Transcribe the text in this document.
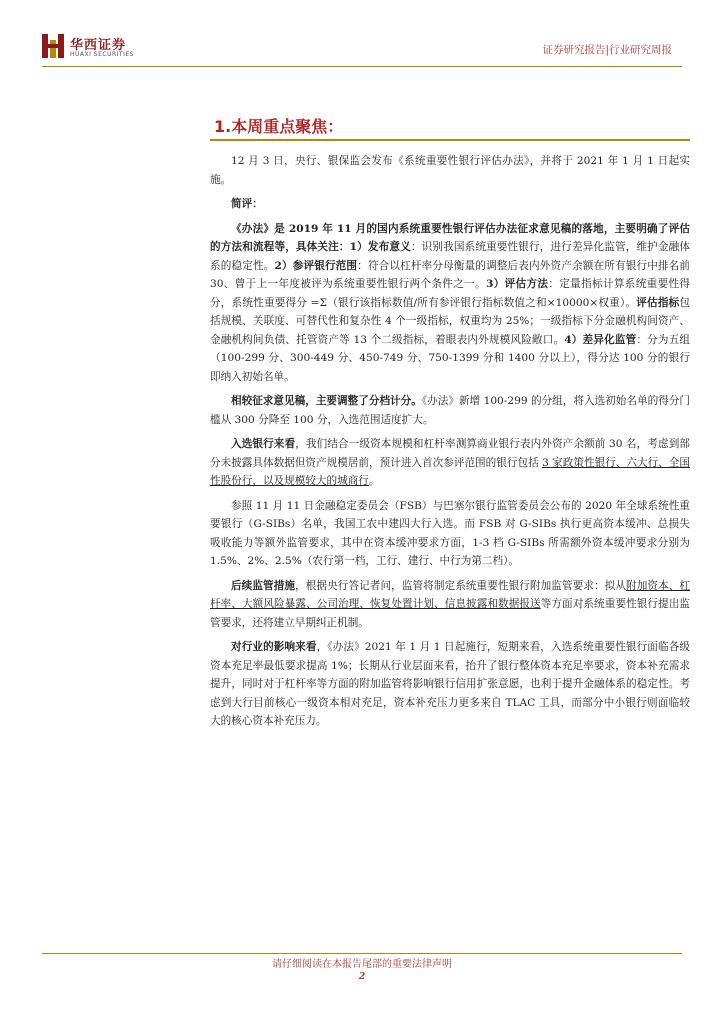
华西证券
HUAXI SECURITIES	证券研究报告|行业研究周报
1.本周重点聚焦：

12 月 3 日，央行、银保监会发布《系统重要性银行评估办法》，并将于 2021 年 1 月 1 日起实施。

简评：

《办法》是 2019 年 11 月的国内系统重要性银行评估办法征求意见稿的落地，主要明确了评估的方法和流程等，具体关注：1）发布意义：识别我国系统重要性银行，进行差异化监管，维护金融体系的稳定性。2）参评银行范围：符合以杠杆率分母衡量的调整后表内外资产余额在所有银行中排名前 30、曾于上一年度被评为系统重要性银行两个条件之一。3）评估方法：定量指标计算系统重要性得分，系统性重要得分 =Σ（银行该指标数值/所有参评银行指标数值之和×10000×权重）。评估指标包括规模、关联度、可替代性和复杂性 4 个一级指标，权重均为 25%；一级指标下分金融机构间资产、金融机构间负债、托管资产等 13 个二级指标，着眼表内外规模风险敞口。4）差异化监管：分为五组（100-299 分、300-449 分、450-749 分、750-1399 分和 1400 分以上），得分达 100 分的银行即纳入初始名单。

相较征求意见稿，主要调整了分档计分。《办法》新增 100-299 的分组，将入选初始名单的得分门槛从 300 分降至 100 分，入选范围适度扩大。

入选银行来看，我们结合一级资本规模和杠杆率测算商业银行表内外资产余额前 30 名，考虑到部分未披露具体数据但资产规模居前，预计进入首次参评范围的银行包括 3 家政策性银行、六大行、全国性股份行，以及规模较大的城商行。

参照 11 月 11 日金融稳定委员会（FSB）与巴塞尔银行监管委员会公布的 2020 年全球系统性重要银行（G-SIBs）名单，我国工农中建四大行入选。而 FSB 对 G-SIBs 执行更高资本缓冲、总损失吸收能力等额外监管要求，其中在资本缓冲要求方面，1-3 档 G-SIBs 所需额外资本缓冲要求分别为 1.5%、2%、2.5%（农行第一档，工行、建行、中行为第二档）。

后续监管措施，根据央行答记者问，监管将制定系统重要性银行附加监管要求：拟从附加资本、杠杆率、大额风险暴露、公司治理、恢复处置计划、信息披露和数据报送等方面对系统重要性银行提出监管要求，还将建立早期纠正机制。

对行业的影响来看，《办法》2021 年 1 月 1 日起施行，短期来看，入选系统重要性银行面临各级资本充足率最低要求提高 1%；长期从行业层面来看，抬升了银行整体资本充足率要求，资本补充需求提升，同时对于杠杆率等方面的附加监管将影响银行信用扩张意愿，也利于提升金融体系的稳定性。考虑到大行目前核心一级资本相对充足，资本补充压力更多来自 TLAC 工具，而部分中小银行则面临较大的核心资本补充压力。

请仔细阅读在本报告尾部的重要法律声明
2
